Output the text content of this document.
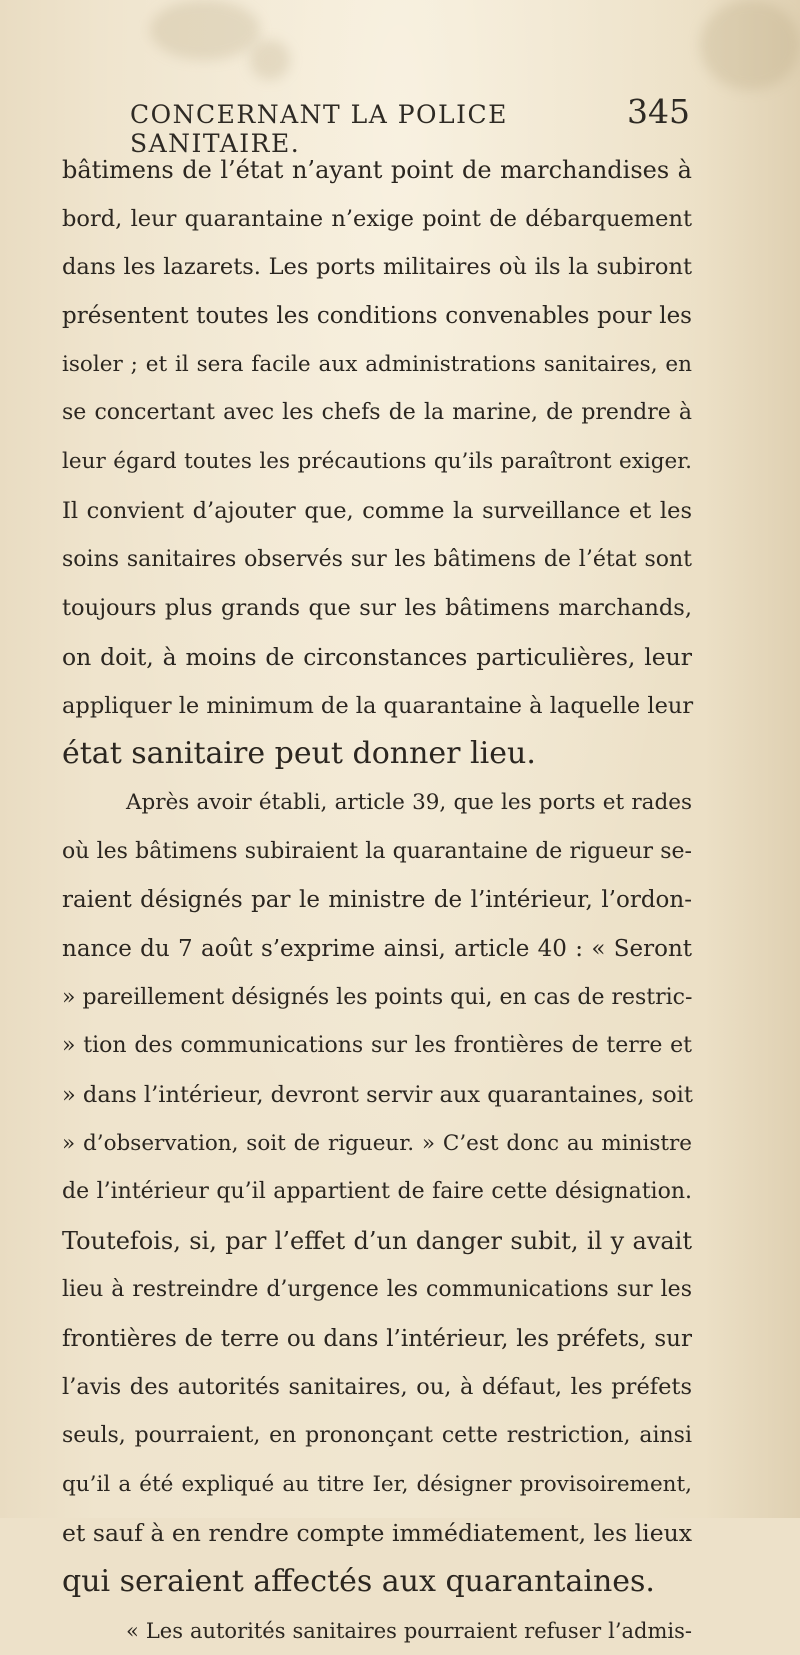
CONCERNANT LA POLICE SANITAIRE.
345
bâtimens de l’état n’ayant point de marchandises à
bord, leur quarantaine n’exige point de débarquement
dans les lazarets. Les ports militaires où ils la subiront
présentent toutes les conditions convenables pour les
isoler ; et il sera facile aux administrations sanitaires, en
se concertant avec les chefs de la marine, de prendre à
leur égard toutes les précautions qu’ils paraîtront exiger.
Il convient d’ajouter que, comme la surveillance et les
soins sanitaires observés sur les bâtimens de l’état sont
toujours plus grands que sur les bâtimens marchands,
on doit, à moins de circonstances particulières, leur
appliquer le minimum de la quarantaine à laquelle leur
état sanitaire peut donner lieu.
Après avoir établi, article 39, que les ports et rades
où les bâtimens subiraient la quarantaine de rigueur se-
raient désignés par le ministre de l’intérieur, l’ordon-
nance du 7 août s’exprime ainsi, article 40 : « Seront
» pareillement désignés les points qui, en cas de restric-
» tion des communications sur les frontières de terre et
» dans l’intérieur, devront servir aux quarantaines, soit
» d’observation, soit de rigueur. » C’est donc au ministre
de l’intérieur qu’il appartient de faire cette désignation.
Toutefois, si, par l’effet d’un danger subit, il y avait
lieu à restreindre d’urgence les communications sur les
frontières de terre ou dans l’intérieur, les préfets, sur
l’avis des autorités sanitaires, ou, à défaut, les préfets
seuls, pourraient, en prononçant cette restriction, ainsi
qu’il a été expliqué au titre Ier, désigner provisoirement,
et sauf à en rendre compte immédiatement, les lieux
qui seraient affectés aux quarantaines.
« Les autorités sanitaires pourraient refuser l’admis-
